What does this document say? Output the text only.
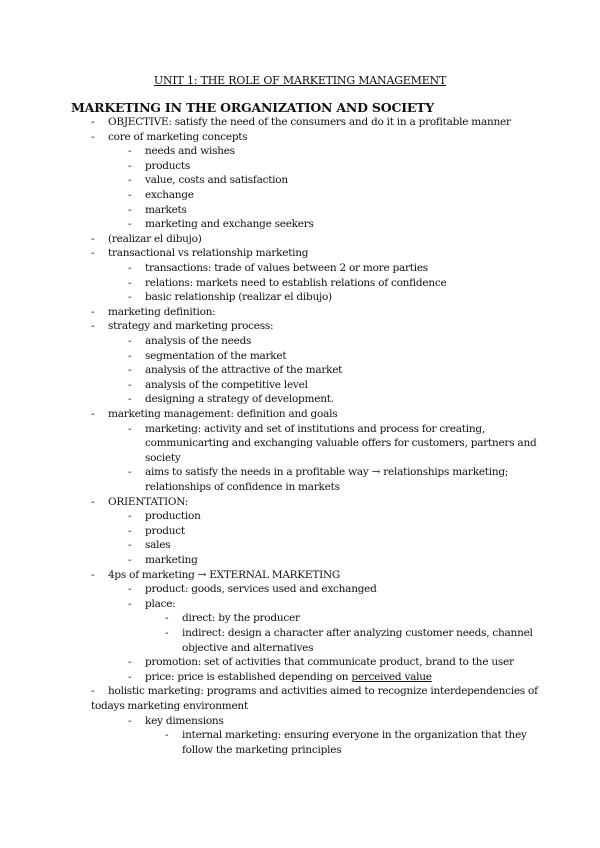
UNIT 1: THE ROLE OF MARKETING MANAGEMENT
MARKETING IN THE ORGANIZATION AND SOCIETY
- OBJECTIVE: satisfy the need of the consumers and do it in a profitable manner
- core of marketing concepts
- needs and wishes
- products
- value, costs and satisfaction
- exchange
- markets
- marketing and exchange seekers
- (realizar el dibujo)
- transactional vs relationship marketing
- transactions: trade of values between 2 or more parties
- relations: markets need to establish relations of confidence
- basic relationship (realizar el dibujo)
- marketing definition:
- strategy and marketing process:
- analysis of the needs
- segmentation of the market
- analysis of the attractive of the market
- analysis of the competitive level
- designing a strategy of development.
- marketing management: definition and goals
- marketing: activity and set of institutions and process for creating,
communicarting and exchanging valuable offers for customers, partners and
society
- aims to satisfy the needs in a profitable way → relationships marketing;
relationships of confidence in markets
- ORIENTATION:
- production
- product
- sales
- marketing
- 4ps of marketing → EXTERNAL MARKETING
- product: goods, services used and exchanged
- place:
- direct: by the producer
- indirect: design a character after analyzing customer needs, channel
objective and alternatives
- promotion: set of activities that communicate product, brand to the user
- price: price is established depending on perceived value
- holistic marketing: programs and activities aimed to recognize interdependencies of
todays marketing environment
- key dimensions
- internal marketing: ensuring everyone in the organization that they
follow the marketing principles
